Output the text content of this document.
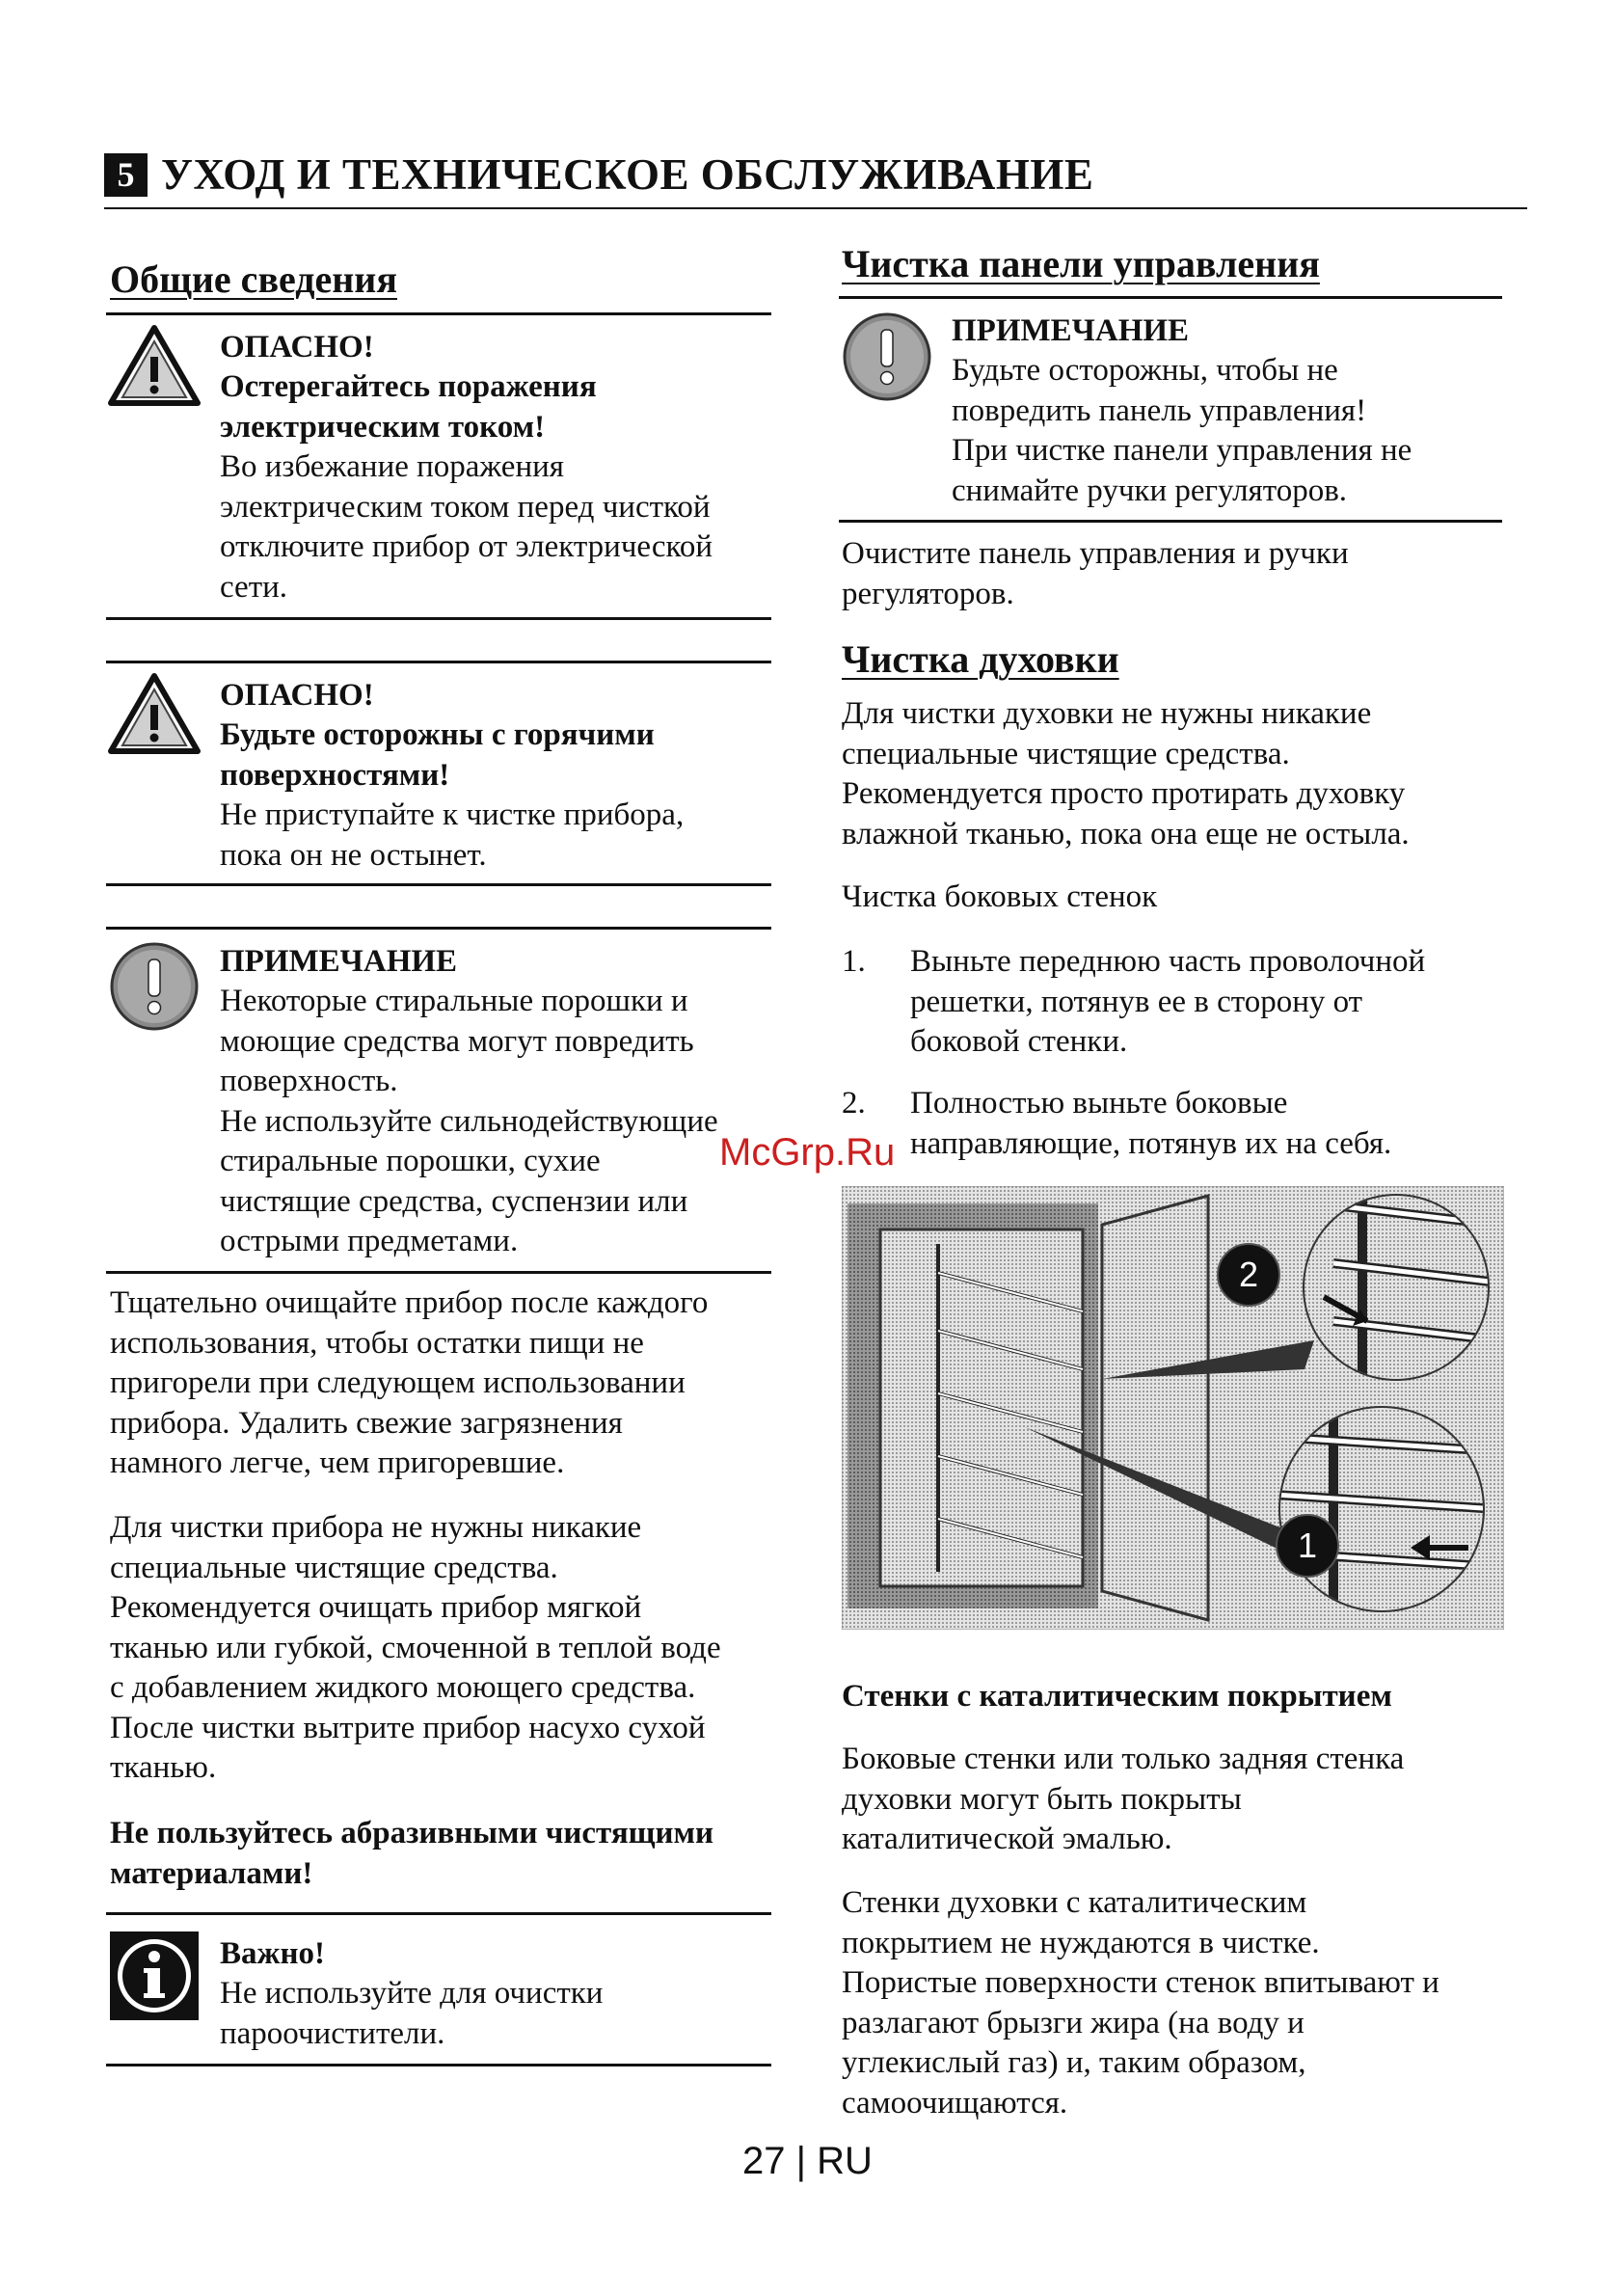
5 УХОД И ТЕХНИЧЕСКОЕ ОБСЛУЖИВАНИЕ
Общие сведения
ОПАСНО!
Остерегайтесь поражения
электрическим током!
Во избежание поражения
электрическим током перед чисткой
отключите прибор от электрической
сети.
ОПАСНО!
Будьте осторожны с горячими
поверхностями!
Не приступайте к чистке прибора,
пока он не остынет.
ПРИМЕЧАНИЕ
Некоторые стиральные порошки и
моющие средства могут повредить
поверхность.
Не используйте сильнодействующие
стиральные порошки, сухие
чистящие средства, суспензии или
острыми предметами.
Тщательно очищайте прибор после каждого
использования, чтобы остатки пищи не
пригорели при следующем использовании
прибора. Удалить свежие загрязнения
намного легче, чем пригоревшие.
Для чистки прибора не нужны никакие
специальные чистящие средства.
Рекомендуется очищать прибор мягкой
тканью или губкой, смоченной в теплой воде
с добавлением жидкого моющего средства.
После чистки вытрите прибор насухо сухой
тканью.
Не пользуйтесь абразивными чистящими
материалами!
Важно!
Не используйте для очистки
пароочистители.
Чистка панели управления
ПРИМЕЧАНИЕ
Будьте осторожны, чтобы не
повредить панель управления!
При чистке панели управления не
снимайте ручки регуляторов.
Очистите панель управления и ручки
регуляторов.
Чистка духовки
Для чистки духовки не нужны никакие
специальные чистящие средства.
Рекомендуется просто протирать духовку
влажной тканью, пока она еще не остыла.
Чистка боковых стенок
1. Выньте переднюю часть проволочной
решетки, потянув ее в сторону от
боковой стенки.
2. Полностью выньте боковые
направляющие, потянув их на себя.
McGrp.Ru
2
1
Стенки с каталитическим покрытием
Боковые стенки или только задняя стенка
духовки могут быть покрыты
каталитической эмалью.
Стенки духовки с каталитическим
покрытием не нуждаются в чистке.
Пористые поверхности стенок впитывают и
разлагают брызги жира (на воду и
углекислый газ) и, таким образом,
самоочищаются.
27 | RU
